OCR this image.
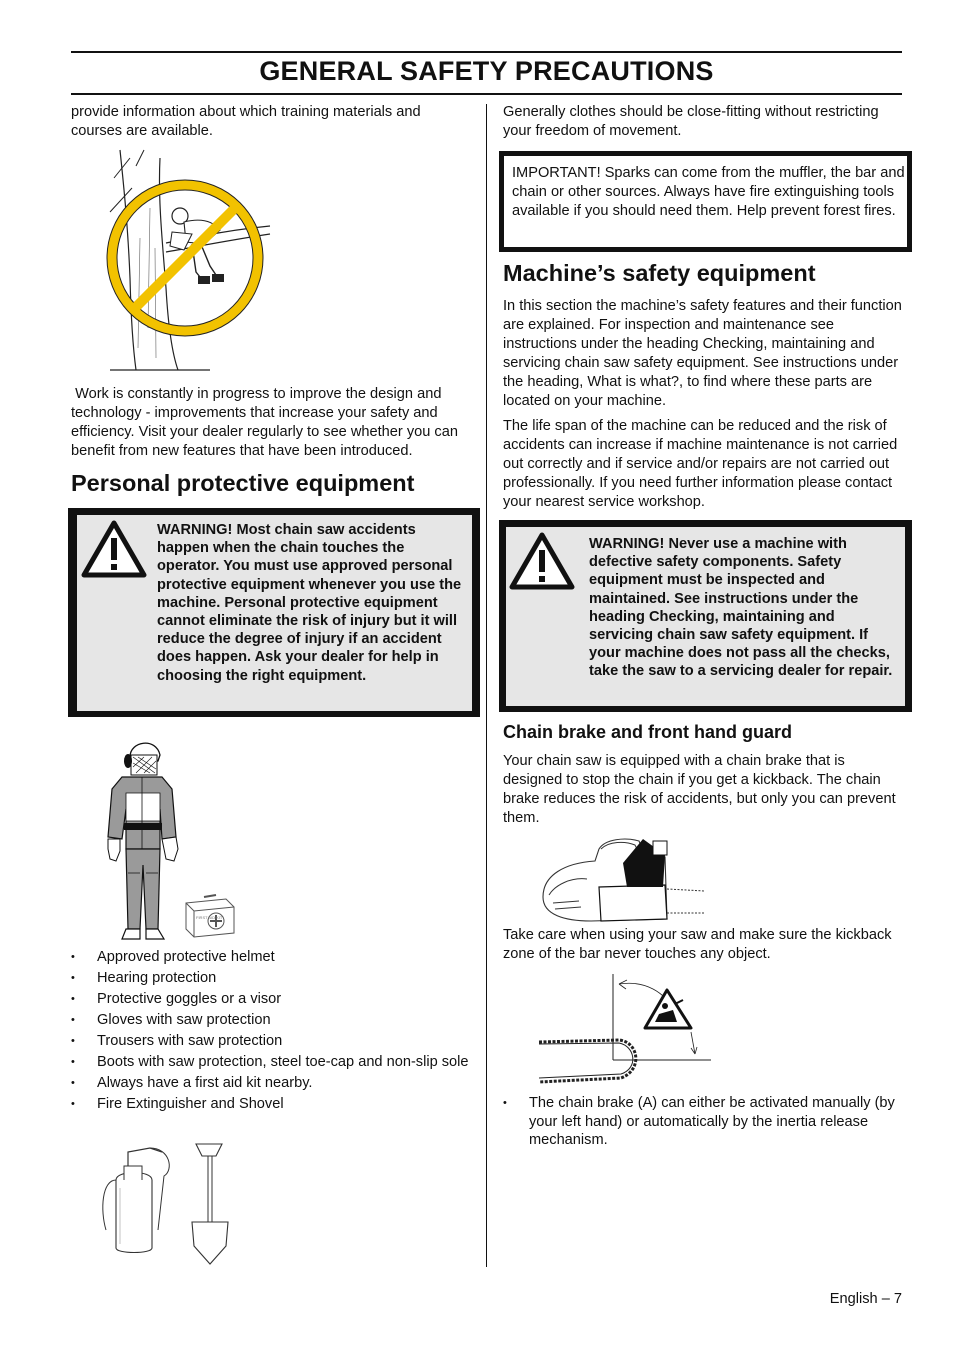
GENERAL SAFETY PRECAUTIONS
provide information about which training materials and courses are available.
Work is constantly in progress to improve the design and technology - improvements that increase your safety and efficiency. Visit your dealer regularly to see whether you can benefit from new features that have been introduced.
Personal protective equipment
WARNING! Most chain saw accidents happen when the chain touches the operator. You must use approved personal protective equipment whenever you use the machine. Personal protective equipment cannot eliminate the risk of injury but it will reduce the degree of injury if an accident does happen. Ask your dealer for help in choosing the right equipment.
FIRST AID KIT
• Approved protective helmet
• Hearing protection
• Protective goggles or a visor
• Gloves with saw protection
• Trousers with saw protection
• Boots with saw protection, steel toe-cap and non-slip sole
• Always have a first aid kit nearby.
• Fire Extinguisher and Shovel
Generally clothes should be close-fitting without restricting your freedom of movement.
IMPORTANT! Sparks can come from the muffler, the bar and chain or other sources. Always have fire extinguishing tools available if you should need them. Help prevent forest fires.
Machine’s safety equipment
In this section the machine’s safety features and their function are explained. For inspection and maintenance see instructions under the heading Checking, maintaining and servicing chain saw safety equipment. See instructions under the heading, What is what?, to find where these parts are located on your machine.
The life span of the machine can be reduced and the risk of accidents can increase if machine maintenance is not carried out correctly and if service and/or repairs are not carried out professionally. If you need further information please contact your nearest service workshop.
WARNING! Never use a machine with defective safety components. Safety equipment must be inspected and maintained. See instructions under the heading Checking, maintaining and servicing chain saw safety equipment. If your machine does not pass all the checks, take the saw to a servicing dealer for repair.
Chain brake and front hand guard
Your chain saw is equipped with a chain brake that is designed to stop the chain if you get a kickback. The chain brake reduces the risk of accidents, but only you can prevent them.
Take care when using your saw and make sure the kickback zone of the bar never touches any object.
• The chain brake (A) can either be activated manually (by your left hand) or automatically by the inertia release mechanism.
English – 7
